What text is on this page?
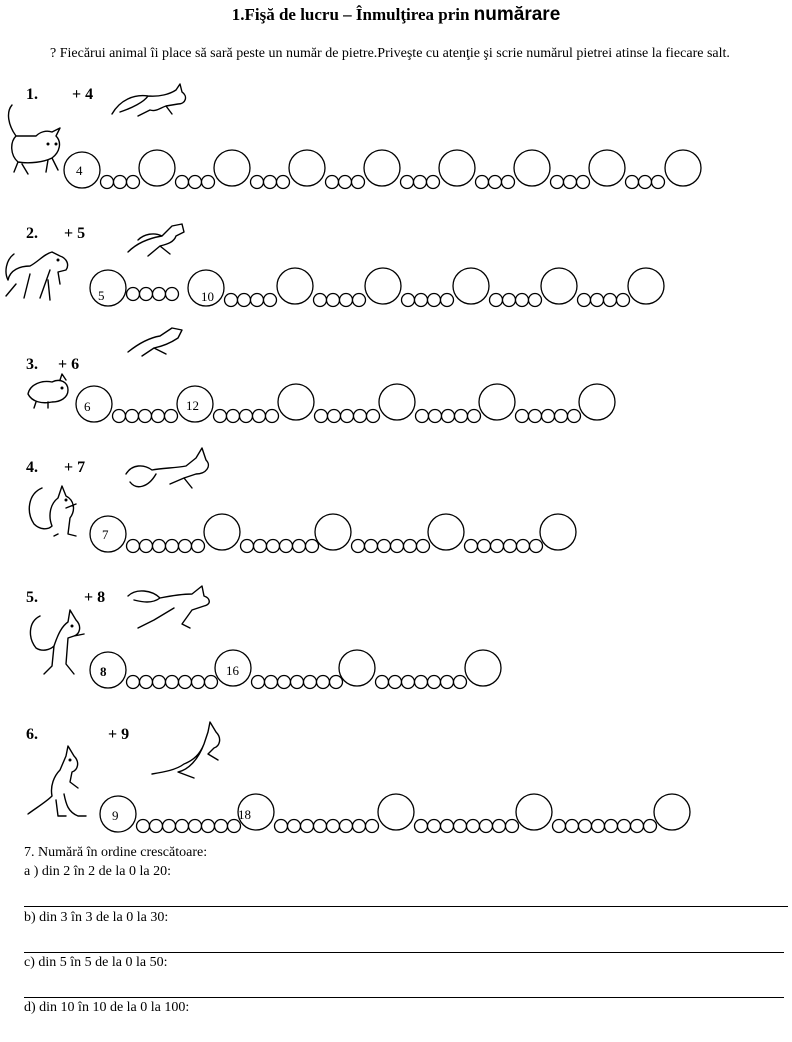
1.Fişă de lucru – Înmulţirea prin numărare
? Fiecărui animal îi place să sară peste un număr de pietre.Priveşte cu atenţie şi scrie numărul pietrei atinse la fiecare salt.
1. + 4
2. + 5
3. + 6
4. + 7
5.	+ 8
6.	+ 9
4
5	10
6	12
7
8	16
9	18
7. Numără în ordine crescătoare:
a ) din 2 în 2 de la 0 la 20:
b) din 3 în 3 de la 0 la 30:
c) din 5 în 5 de la 0 la 50:
d) din 10 în 10 de la 0 la 100:
